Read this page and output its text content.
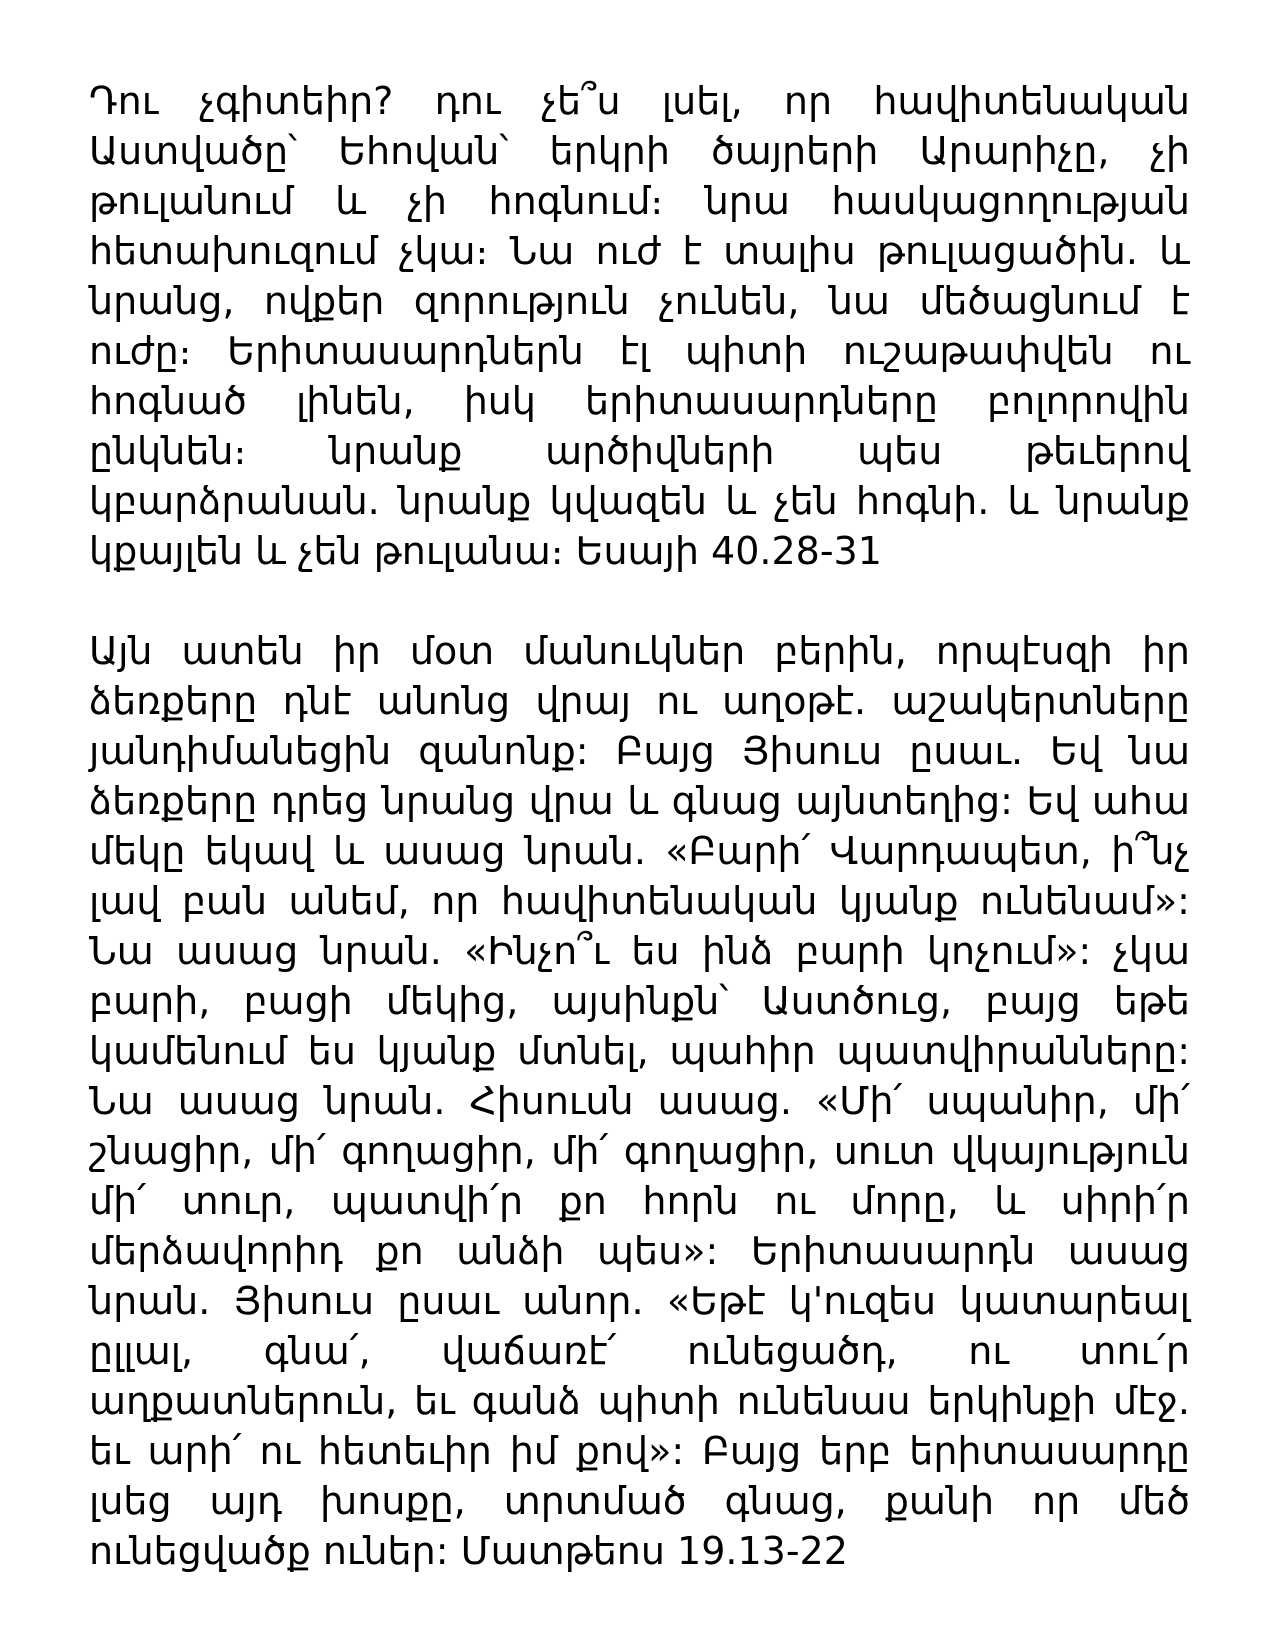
Դու չգիտեիր? դու չե՞ս լսել, որ հավիտենական Աստվածը՝ Եհովան՝ երկրի ծայրերի Արարիչը, չի թուլանում և չի հոգնում։ նրա հասկացողության հետախուզում չկա։ Նա ուժ է տալիս թուլացածին. և նրանց, ովքեր զորություն չունեն, նա մեծացնում է ուժը։ Երիտասարդներն էլ պիտի ուշաթափվեն ու հոգնած լինեն, իսկ երիտասարդները բոլորովին ընկնեն։ նրանք արծիվների պես թեւերով կբարձրանան. նրանք կվազեն և չեն հոգնի. և նրանք կքայլեն և չեն թուլանա։ Եսայի 40.28-31

Այն ատեն իր մօտ մանուկներ բերին, որպէսզի իր ձեռքերը դնէ անոնց վրայ ու աղօթէ. աշակերտները յանդիմանեցին զանոնք: Բայց Յիսուս ըսաւ. Եվ նա ձեռքերը դրեց նրանց վրա և գնաց այնտեղից: Եվ ահա մեկը եկավ և ասաց նրան. «Բարի՛ Վարդապետ, ի՞նչ լավ բան անեմ, որ հավիտենական կյանք ունենամ»: Նա ասաց նրան. «Ինչո՞ւ ես ինձ բարի կոչում»: չկա բարի, բացի մեկից, այսինքն՝ Աստծուց, բայց եթե կամենում ես կյանք մտնել, պահիր պատվիրանները: Նա ասաց նրան. Հիսուսն ասաց. «Մի՛ սպանիր, մի՛ շնացիր, մի՛ գողացիր, մի՛ գողացիր, սուտ վկայություն մի՛ տուր, պատվի՛ր քո հորն ու մորը, և սիրի՛ր մերձավորիդ քո անձի պես»: Երիտասարդն ասաց նրան. Յիսուս ըսաւ անոր. «Եթէ կ'ուզես կատարեալ ըլլալ, գնա՛, վաճառէ՛ ունեցածդ, ու տու՛ր աղքատներուն, եւ գանձ պիտի ունենաս երկինքի մէջ. եւ արի՛ ու հետեւիր իմ քով»: Բայց երբ երիտասարդը լսեց այդ խոսքը, տրտմած գնաց, քանի որ մեծ ունեցվածք ուներ: Մատթեոս 19.13-22
